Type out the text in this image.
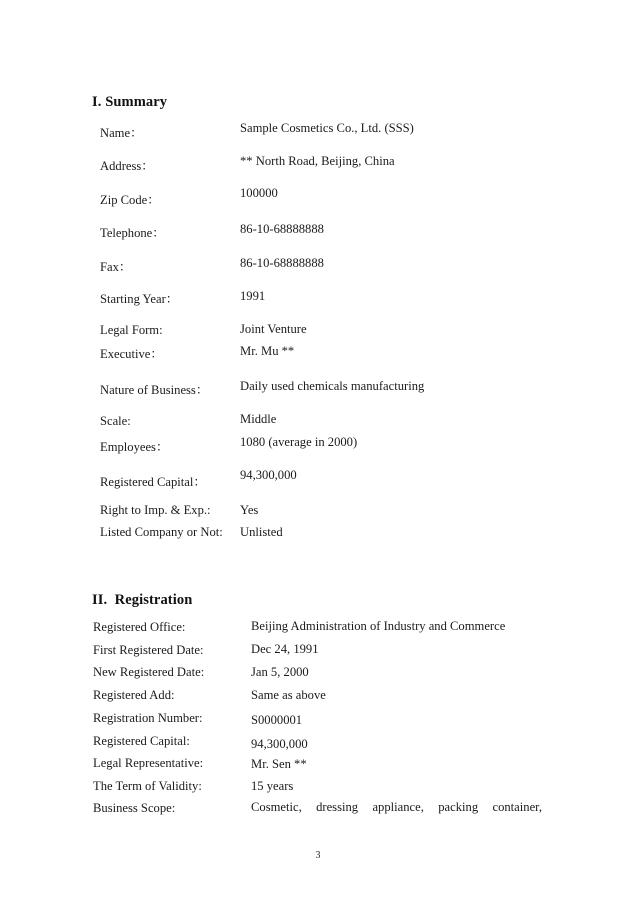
I. Summary
Name：	Sample Cosmetics Co., Ltd. (SSS)
Address：	** North Road, Beijing, China
Zip Code：	100000
Telephone：	86-10-68888888
Fax：	86-10-68888888
Starting Year：	1991
Legal Form:	Joint Venture
Executive：	Mr. Mu **
Nature of Business：	Daily used chemicals manufacturing
Scale:	Middle
Employees：	1080 (average in 2000)
Registered Capital：	94,300,000
Right to Imp. & Exp.: Yes
Listed Company or Not: Unlisted
II.  Registration
Registered Office:	Beijing Administration of Industry and Commerce
First Registered Date:	Dec 24, 1991
New Registered Date:	Jan 5, 2000
Registered Add:	Same as above
Registration Number:	S0000001
Registered Capital:	94,300,000
Legal Representative:	Mr. Sen **
The Term of Validity:	15 years
Business Scope:	Cosmetic, dressing appliance, packing container,
3
